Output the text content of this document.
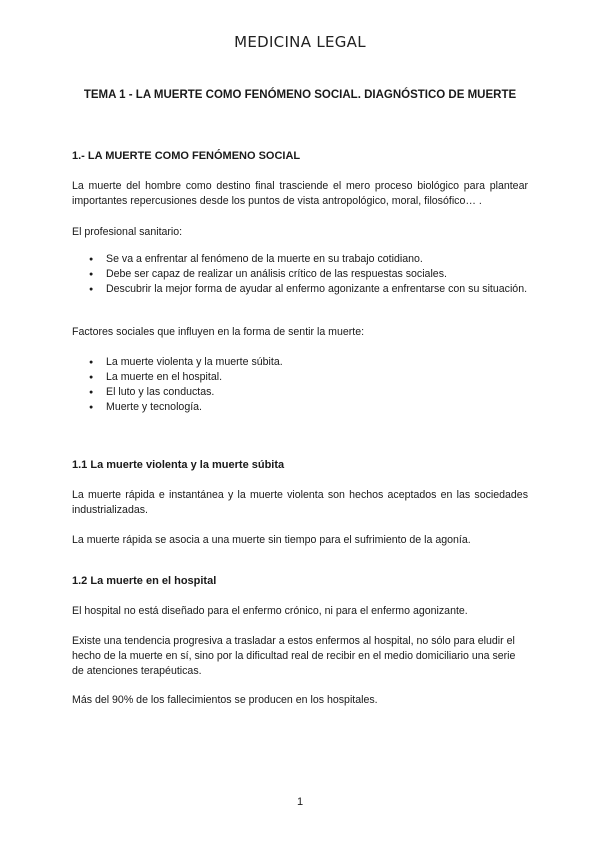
MEDICINA LEGAL
TEMA 1 - LA MUERTE COMO FENÓMENO SOCIAL. DIAGNÓSTICO DE MUERTE
1.- LA MUERTE COMO FENÓMENO SOCIAL
La muerte del hombre como destino final trasciende el mero proceso biológico para plantear importantes repercusiones desde los puntos de vista antropológico, moral, filosófico… .
El profesional sanitario:
● Se va a enfrentar al fenómeno de la muerte en su trabajo cotidiano.
● Debe ser capaz de realizar un análisis crítico de las respuestas sociales.
● Descubrir la mejor forma de ayudar al enfermo agonizante a enfrentarse con su situación.
Factores sociales que influyen en la forma de sentir la muerte:
● La muerte violenta y la muerte súbita.
● La muerte en el hospital.
● El luto y las conductas.
● Muerte y tecnología.
1.1 La muerte violenta y la muerte súbita
La muerte rápida e instantánea y la muerte violenta son hechos aceptados en las sociedades industrializadas.
La muerte rápida se asocia a una muerte sin tiempo para el sufrimiento de la agonía.
1.2 La muerte en el hospital
El hospital no está diseñado para el enfermo crónico, ni para el enfermo agonizante.
Existe una tendencia progresiva a trasladar a estos enfermos al hospital, no sólo para eludir el hecho de la muerte en sí, sino por la dificultad real de recibir en el medio domiciliario una serie de atenciones terapéuticas.
Más del 90% de los fallecimientos se producen en los hospitales.
1
